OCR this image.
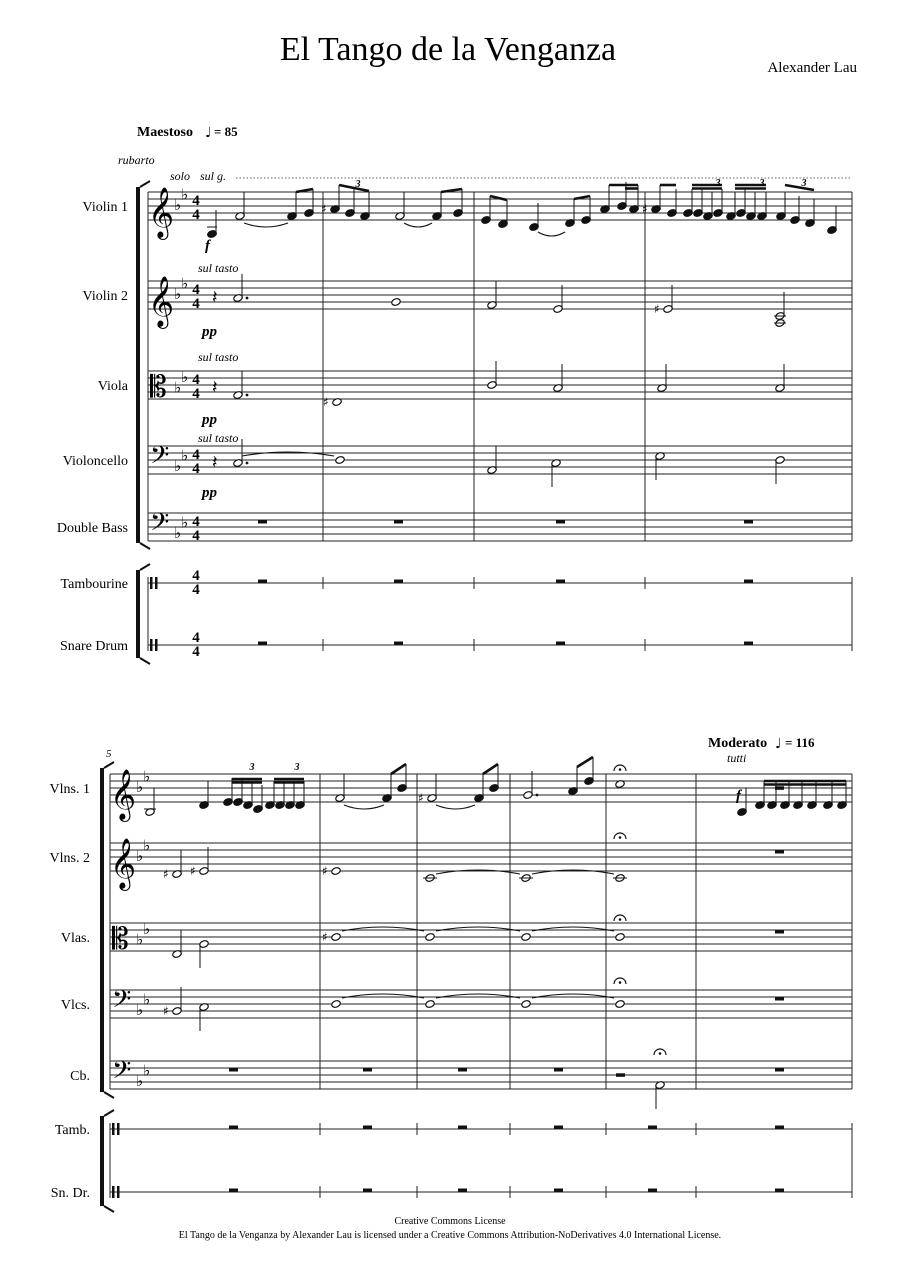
El Tango de la Venganza	Alexander Lau
Maestoso ♩ = 85
rubarto
solo sul g.
𝄞 ♭
♭ 4
4
Violin 1
𝄞 ♭
♭ 4
4
Violin 2
𝄡 ♭
♭ 4
4
Viola
𝄢 ♭
♭ 4
4
Violoncello
𝄢 ♭
♭ 4
4
Double Bass
4
4
Tambourine
4
4
Snare Drum
♯	♯
𝄽
♯
𝄽
♯
𝄽
𝄞 ♭
♭
Vlns. 1
𝄞 ♭
♭
Vlns. 2
𝄡 ♭
♭
Vlas.
𝄢 ♭
♭
Vlcs.
𝄢 ♭
♭
Cb.
Tamb.
Sn. Dr.
♯
♯ ♯	♯
♯
♯
Moderato ♩ = 116
tutti
5
sul tasto
sul tasto
sul tasto
f
pp
pp
pp
f
3	3	3	3
3	3
Creative Commons License
El Tango de la Venganza by Alexander Lau is licensed under a Creative Commons Attribution-NoDerivatives 4.0 International License.
